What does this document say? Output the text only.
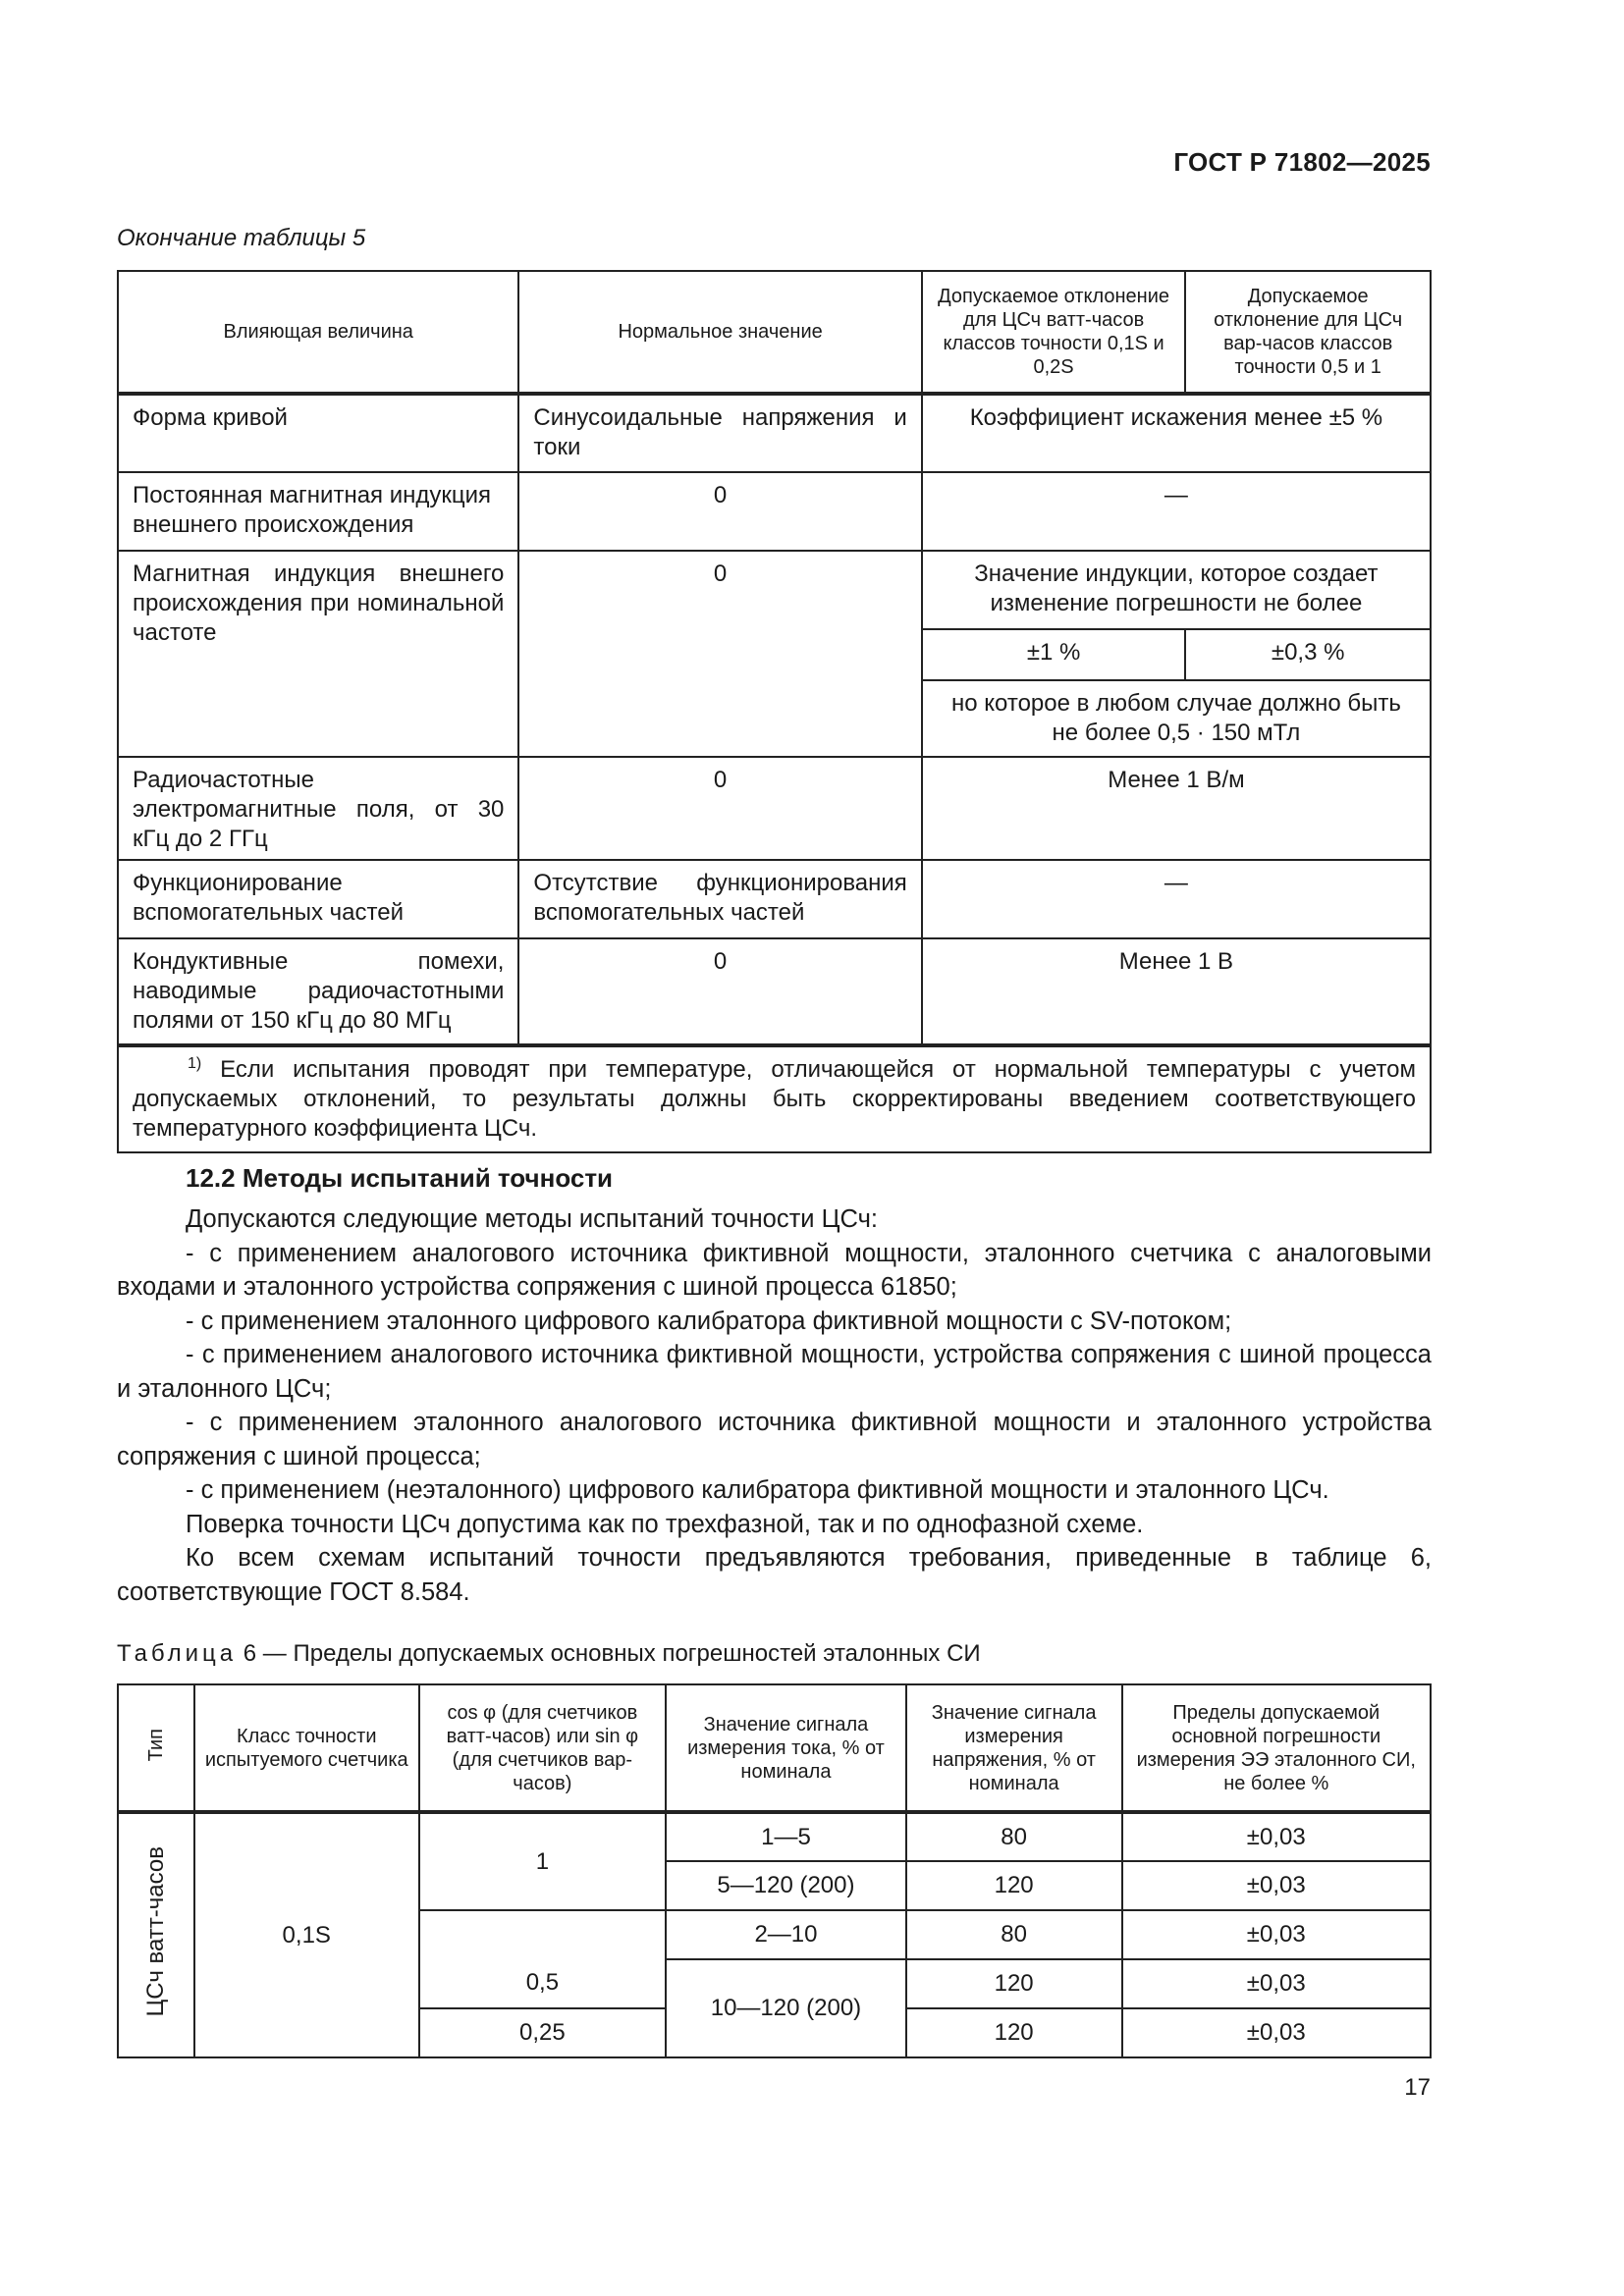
ГОСТ Р 71802—2025
Окончание таблицы 5
Влияющая величина	Нормальное значение	Допускаемое отклонение для ЦСч ватт-часов классов точности 0,1S и 0,2S	Допускаемое отклонение для ЦСч вар-часов классов точности 0,5 и 1
Форма кривой	Синусоидальные напряжения и токи	Коэффициент искажения менее ±5 %	
Постоянная магнитная индукция внешнего происхождения	0	—	
Магнитная индукция внешнего происхождения при номинальной частоте	0	Значение индукции, которое создает изменение погрешности не более	
		±1 %	±0,3 %
		но которое в любом случае должно быть не более 0,5 · 150 мТл	
Радиочастотные электромагнитные поля, от 30 кГц до 2 ГГц	0	Менее 1 В/м	
Функционирование вспомогательных частей	Отсутствие функционирования вспомогательных частей	—	
Кондуктивные помехи, наводимые радиочастотными полями от 150 кГц до 80 МГц	0	Менее 1 В	
$^{1)}$ Если испытания проводят при температуре, отличающейся от нормальной температуры с учетом допускаемых отклонений, то результаты должны быть скорректированы введением соответствующего температурного коэффициента ЦСч.			
12.2 Методы испытаний точности

Допускаются следующие методы испытаний точности ЦСч:

- с применением аналогового источника фиктивной мощности, эталонного счетчика с аналоговыми входами и эталонного устройства сопряжения с шиной процесса 61850;

- с применением эталонного цифрового калибратора фиктивной мощности с SV-потоком;

- с применением аналогового источника фиктивной мощности, устройства сопряжения с шиной процесса и эталонного ЦСч;

- с применением эталонного аналогового источника фиктивной мощности и эталонного устройства сопряжения с шиной процесса;

- с применением (неэталонного) цифрового калибратора фиктивной мощности и эталонного ЦСч.

Поверка точности ЦСч допустима как по трехфазной, так и по однофазной схеме.

Ко всем схемам испытаний точности предъявляются требования, приведенные в таблице 6, соответствующие ГОСТ 8.584.

Таблица 6 — Пределы допускаемых основных погрешностей эталонных СИ
Тип	Класс точности испытуемого счетчика	cos φ (для счетчиков ватт-часов) или sin φ (для счетчиков вар-часов)	Значение сигнала измерения тока, % от номинала	Значение сигнала измерения напряжения, % от номинала	Пределы допускаемой основной погрешности измерения ЭЭ эталонного СИ, не более %
ЦСч ватт-часов	0,1S	1	1—5	80	±0,03
			5—120 (200)	120	±0,03
		0,5	2—10	80	±0,03
			10—120 (200)	120	±0,03
		0,25		120	±0,03
17
